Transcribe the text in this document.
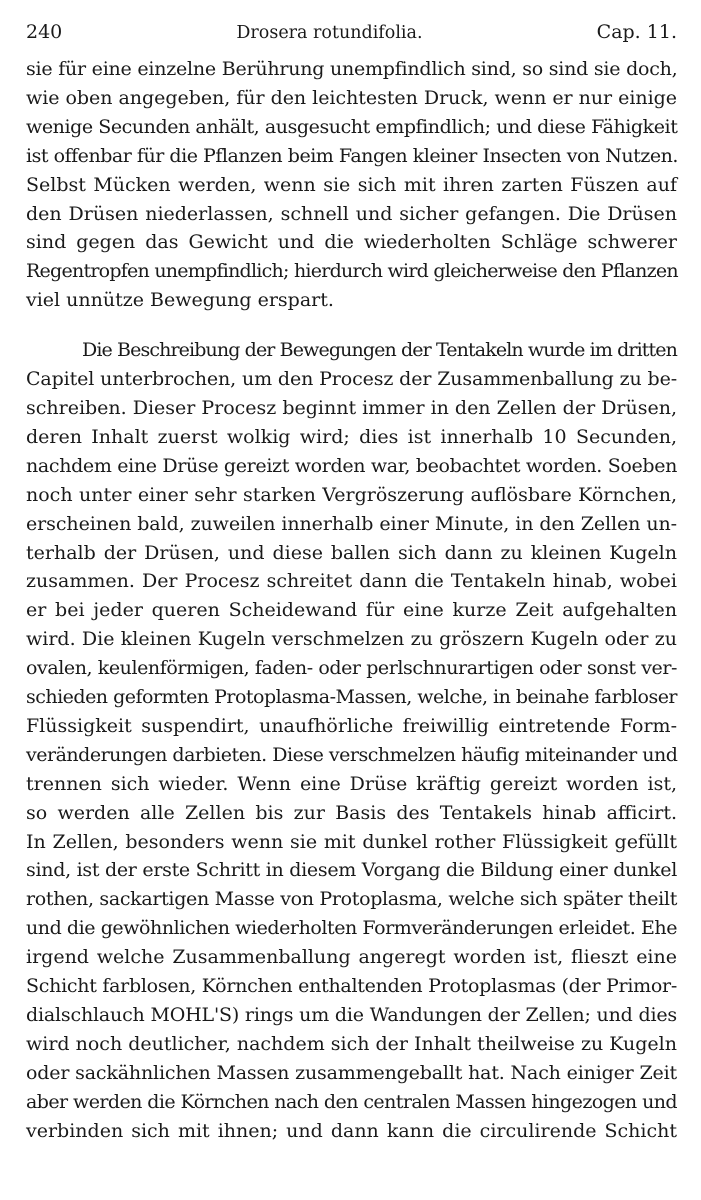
240	Drosera rotundifolia.	Cap. 11.
sie für eine einzelne Berührung unempfindlich sind, so sind sie doch,
wie oben angegeben, für den leichtesten Druck, wenn er nur einige
wenige Secunden anhält, ausgesucht empfindlich; und diese Fähigkeit
ist offenbar für die Pflanzen beim Fangen kleiner Insecten von Nutzen.
Selbst Mücken werden, wenn sie sich mit ihren zarten Füszen auf
den Drüsen niederlassen, schnell und sicher gefangen. Die Drüsen
sind gegen das Gewicht und die wiederholten Schläge schwerer
Regentropfen unempfindlich; hierdurch wird gleicherweise den Pflanzen
viel unnütze Bewegung erspart.
Die Beschreibung der Bewegungen der Tentakeln wurde im dritten
Capitel unterbrochen, um den Procesz der Zusammenballung zu be-
schreiben. Dieser Procesz beginnt immer in den Zellen der Drüsen,
deren Inhalt zuerst wolkig wird; dies ist innerhalb 10 Secunden,
nachdem eine Drüse gereizt worden war, beobachtet worden. Soeben
noch unter einer sehr starken Vergröszerung auflösbare Körnchen,
erscheinen bald, zuweilen innerhalb einer Minute, in den Zellen un-
terhalb der Drüsen, und diese ballen sich dann zu kleinen Kugeln
zusammen. Der Procesz schreitet dann die Tentakeln hinab, wobei
er bei jeder queren Scheidewand für eine kurze Zeit aufgehalten
wird. Die kleinen Kugeln verschmelzen zu gröszern Kugeln oder zu
ovalen, keulenförmigen, faden- oder perlschnurartigen oder sonst ver-
schieden geformten Protoplasma-Massen, welche, in beinahe farbloser
Flüssigkeit suspendirt, unaufhörliche freiwillig eintretende Form-
veränderungen darbieten. Diese verschmelzen häufig miteinander und
trennen sich wieder. Wenn eine Drüse kräftig gereizt worden ist,
so werden alle Zellen bis zur Basis des Tentakels hinab afficirt.
In Zellen, besonders wenn sie mit dunkel rother Flüssigkeit gefüllt
sind, ist der erste Schritt in diesem Vorgang die Bildung einer dunkel
rothen, sackartigen Masse von Protoplasma, welche sich später theilt
und die gewöhnlichen wiederholten Formveränderungen erleidet. Ehe
irgend welche Zusammenballung angeregt worden ist, flieszt eine
Schicht farblosen, Körnchen enthaltenden Protoplasmas (der Primor-
dialschlauch MOHL'S) rings um die Wandungen der Zellen; und dies
wird noch deutlicher, nachdem sich der Inhalt theilweise zu Kugeln
oder sackähnlichen Massen zusammengeballt hat. Nach einiger Zeit
aber werden die Körnchen nach den centralen Massen hingezogen und
verbinden sich mit ihnen; und dann kann die circulirende Schicht
